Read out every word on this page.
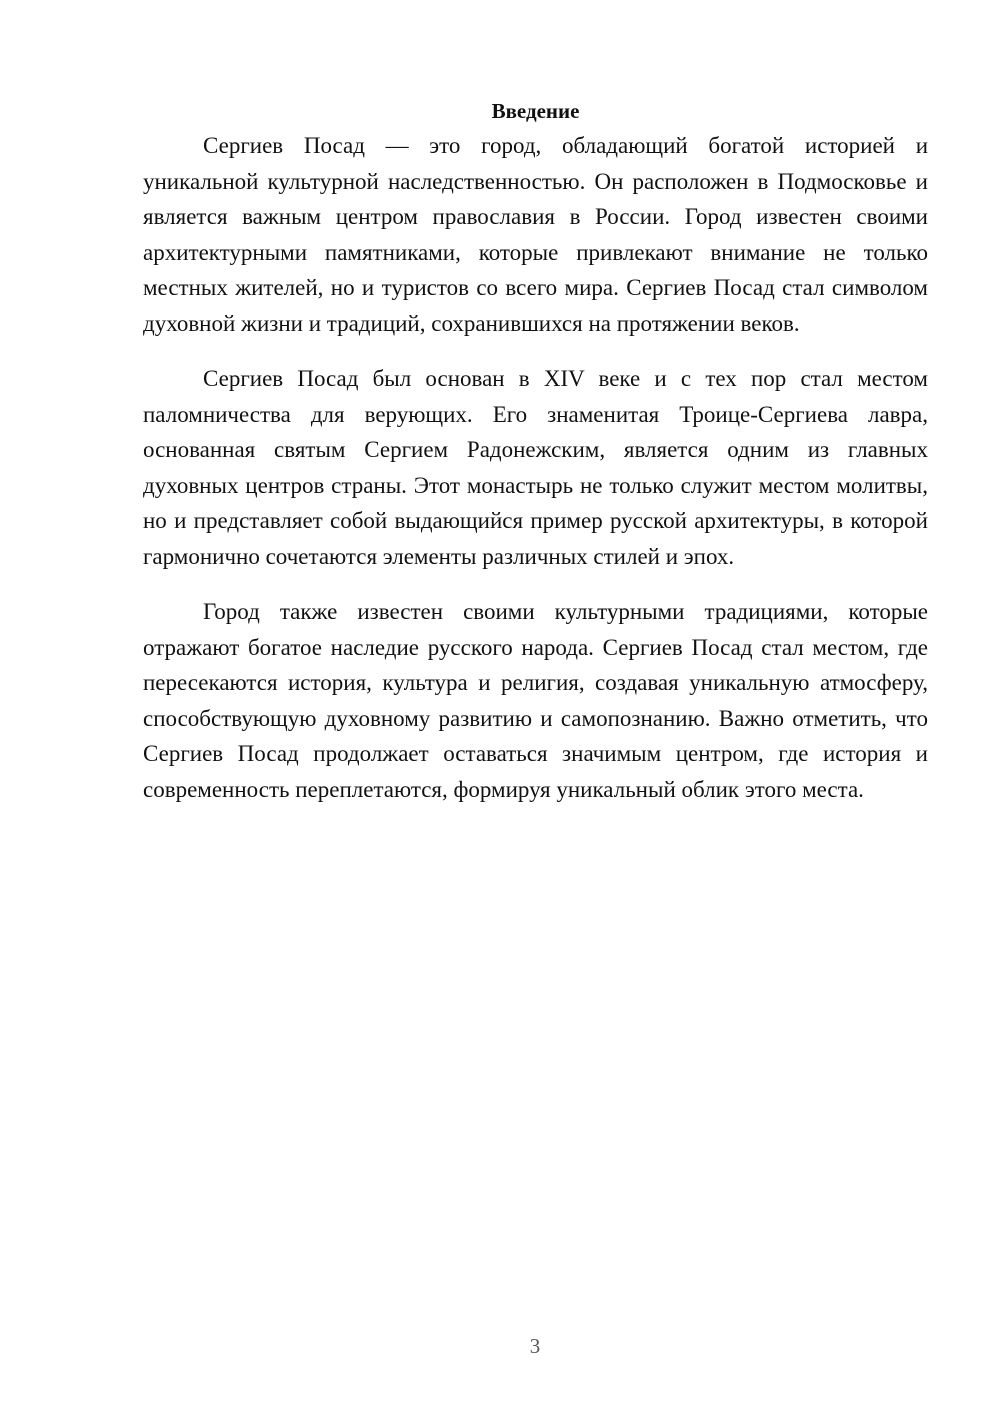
Введение

Сергиев Посад — это город, обладающий богатой историей и уникальной культурной наследственностью. Он расположен в Подмосковье и является важным центром православия в России. Город известен своими архитектурными памятниками, которые привлекают внимание не только местных жителей, но и туристов со всего мира. Сергиев Посад стал символом духовной жизни и традиций, сохранившихся на протяжении веков.

Сергиев Посад был основан в XIV веке и с тех пор стал местом паломничества для верующих. Его знаменитая Троице-Сергиева лавра, основанная святым Сергием Радонежским, является одним из главных духовных центров страны. Этот монастырь не только служит местом молитвы, но и представляет собой выдающийся пример русской архитектуры, в которой гармонично сочетаются элементы различных стилей и эпох.

Город также известен своими культурными традициями, которые отражают богатое наследие русского народа. Сергиев Посад стал местом, где пересекаются история, культура и религия, создавая уникальную атмосферу, способствующую духовному развитию и самопознанию. Важно отметить, что Сергиев Посад продолжает оставаться значимым центром, где история и современность переплетаются, формируя уникальный облик этого места.

3
